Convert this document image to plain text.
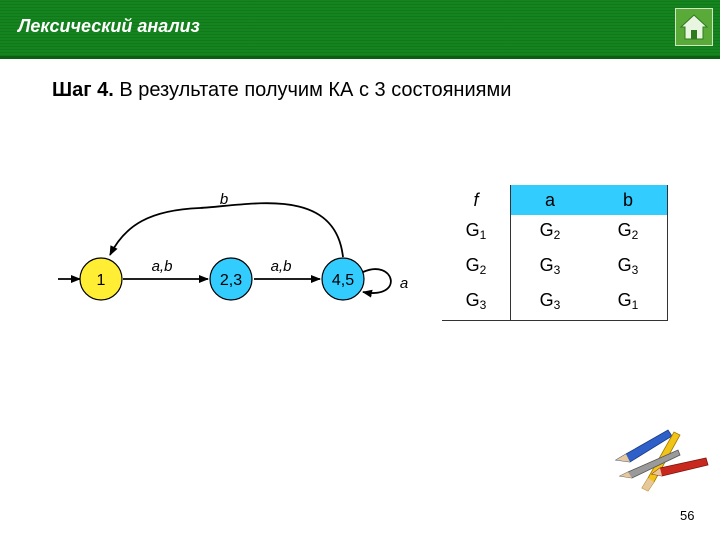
Лексический анализ
Шаг 4. В результате получим КА с 3 состояниями
1	2,3	4,5
a,b	a,b
b
a
f	a	b
$G_1$	$G_2$	$G_2$
$G_2$	$G_3$	$G_3$
$G_3$	$G_3$	$G_1$
56
